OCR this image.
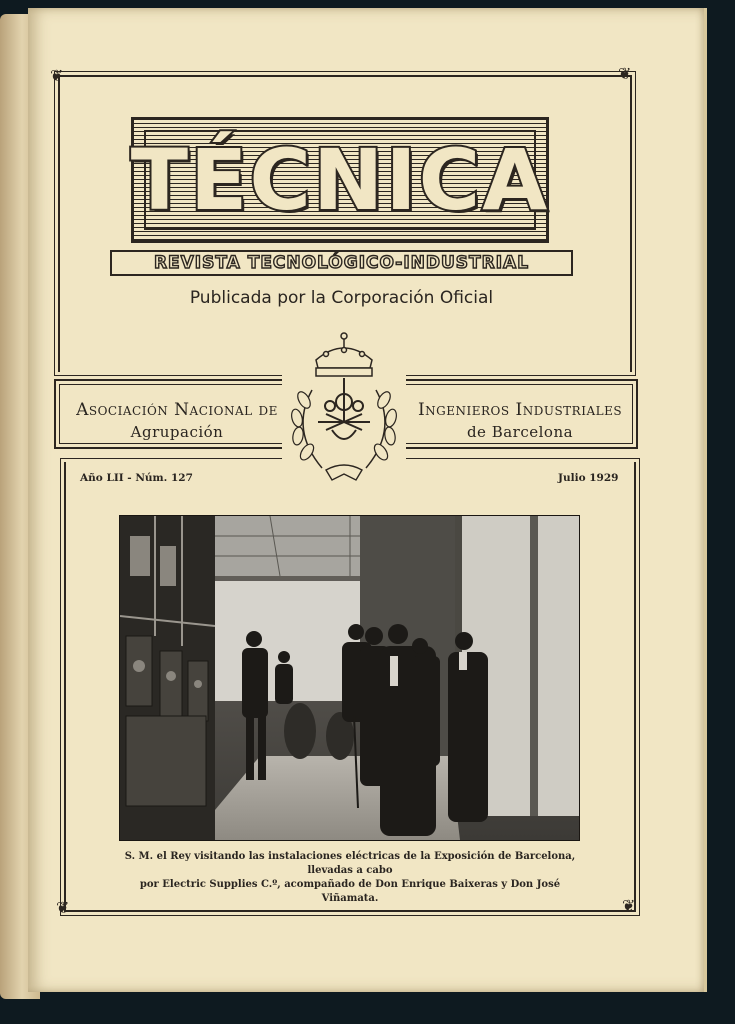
❦	❦
❦	❦
TÉCNICA
REVISTA TECNOLÓGICO-INDUSTRIAL
Publicada por la Corporación Oficial
Asociación Nacional de
Agrupación
Ingenieros Industriales
de Barcelona
Año LII - Núm. 127	Julio 1929
S. M. el Rey visitando las instalaciones eléctricas de la Exposición de Barcelona, llevadas a cabo
por Electric Supplies C.º, acompañado de Don Enrique Baixeras y Don José Viñamata.
